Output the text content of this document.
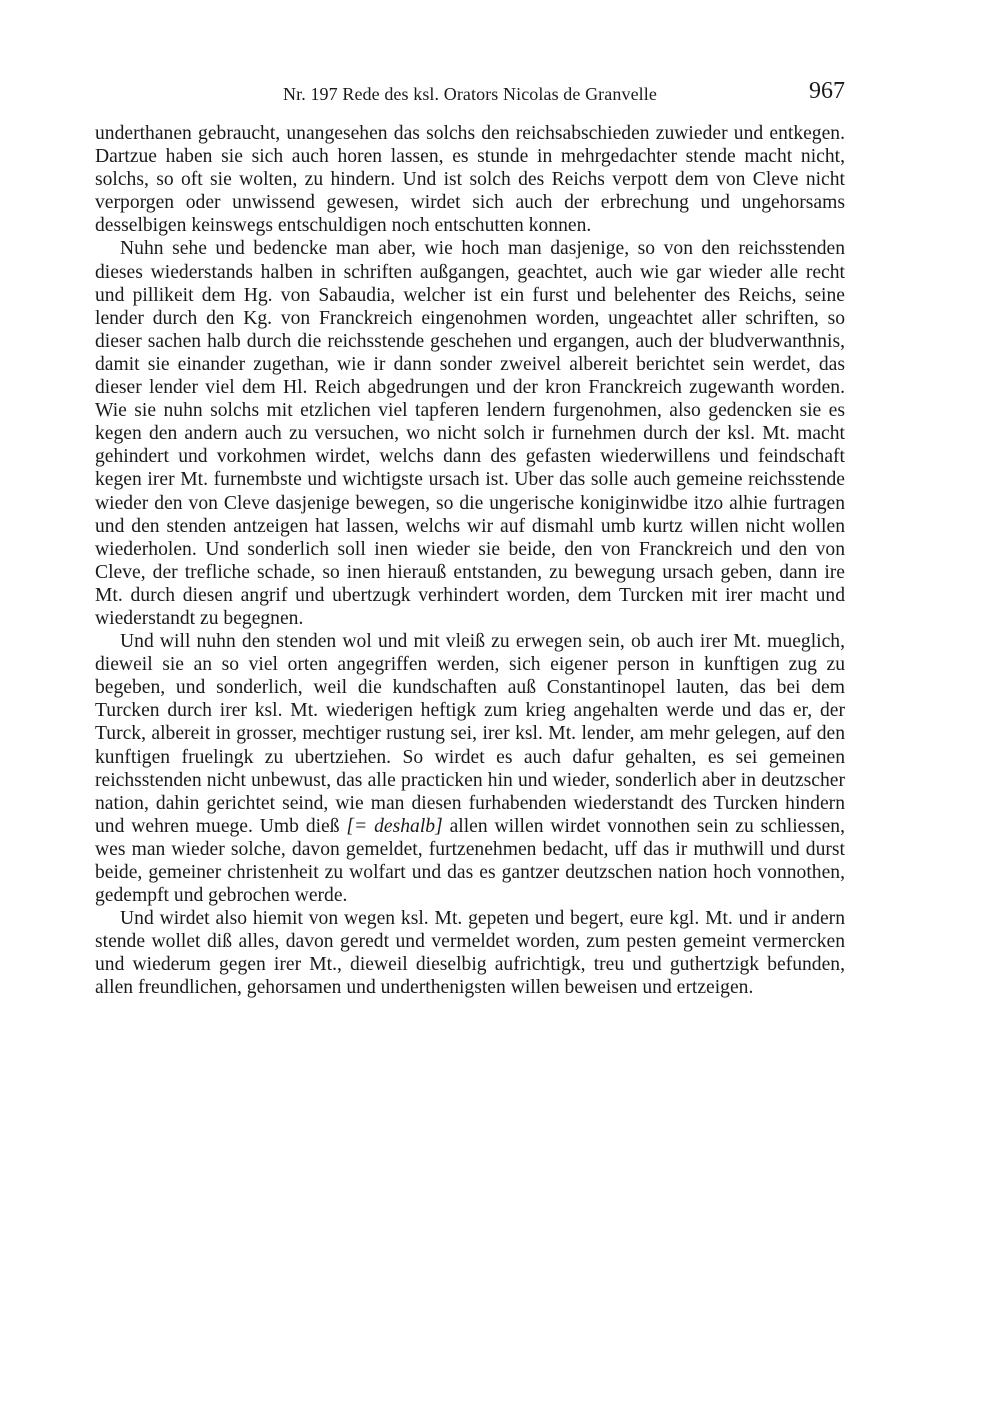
Nr. 197 Rede des ksl. Orators Nicolas de Granvelle	967

underthanen gebraucht, unangesehen das solchs den reichsabschieden zuwieder und entkegen. Dartzue haben sie sich auch horen lassen, es stunde in mehrgedachter stende macht nicht, solchs, so oft sie wolten, zu hindern. Und ist solch des Reichs verpott dem von Cleve nicht verporgen oder unwissend gewesen, wirdet sich auch der erbrechung und ungehorsams desselbigen keinswegs entschuldigen noch entschutten konnen.

Nuhn sehe und bedencke man aber, wie hoch man dasjenige, so von den reichsstenden dieses wiederstands halben in schriften außgangen, geachtet, auch wie gar wieder alle recht und pillikeit dem Hg. von Sabaudia, welcher ist ein furst und belehenter des Reichs, seine lender durch den Kg. von Franckreich eingenohmen worden, ungeachtet aller schriften, so dieser sachen halb durch die reichsstende geschehen und ergangen, auch der bludverwanthnis, damit sie einander zugethan, wie ir dann sonder zweivel albereit berichtet sein werdet, das dieser lender viel dem Hl. Reich abgedrungen und der kron Franckreich zugewanth worden. Wie sie nuhn solchs mit etzlichen viel tapferen lendern furgenohmen, also gedencken sie es kegen den andern auch zu versuchen, wo nicht solch ir furnehmen durch der ksl. Mt. macht gehindert und vorkohmen wirdet, welchs dann des gefasten wiederwillens und feindschaft kegen irer Mt. furnembste und wichtigste ursach ist. Uber das solle auch gemeine reichsstende wieder den von Cleve dasjenige bewegen, so die ungerische koniginwidbe itzo alhie furtragen und den stenden antzeigen hat lassen, welchs wir auf dismahl umb kurtz willen nicht wollen wiederholen. Und sonderlich soll inen wieder sie beide, den von Franckreich und den von Cleve, der trefliche schade, so inen hierauß entstanden, zu bewegung ursach geben, dann ire Mt. durch diesen angrif und ubertzugk verhindert worden, dem Turcken mit irer macht und wiederstandt zu begegnen.

Und will nuhn den stenden wol und mit vleiß zu erwegen sein, ob auch irer Mt. mueglich, dieweil sie an so viel orten angegriffen werden, sich eigener person in kunftigen zug zu begeben, und sonderlich, weil die kundschaften auß Constantinopel lauten, das bei dem Turcken durch irer ksl. Mt. wiederigen heftigk zum krieg angehalten werde und das er, der Turck, albereit in grosser, mechtiger rustung sei, irer ksl. Mt. lender, am mehr gelegen, auf den kunftigen fruelingk zu ubertziehen. So wirdet es auch dafur gehalten, es sei gemeinen reichsstenden nicht unbewust, das alle practicken hin und wieder, sonderlich aber in deutzscher nation, dahin gerichtet seind, wie man diesen furhabenden wiederstandt des Turcken hindern und wehren muege. Umb dieß [= deshalb] allen willen wirdet vonnothen sein zu schliessen, wes man wieder solche, davon gemeldet, furtzenehmen bedacht, uff das ir muthwill und durst beide, gemeiner christenheit zu wolfart und das es gantzer deutzschen nation hoch vonnothen, gedempft und gebrochen werde.

Und wirdet also hiemit von wegen ksl. Mt. gepeten und begert, eure kgl. Mt. und ir andern stende wollet diß alles, davon geredt und vermeldet worden, zum pesten gemeint vermercken und wiederum gegen irer Mt., dieweil dieselbig aufrichtigk, treu und guthertzigk befunden, allen freundlichen, gehorsamen und underthenigsten willen beweisen und ertzeigen.
